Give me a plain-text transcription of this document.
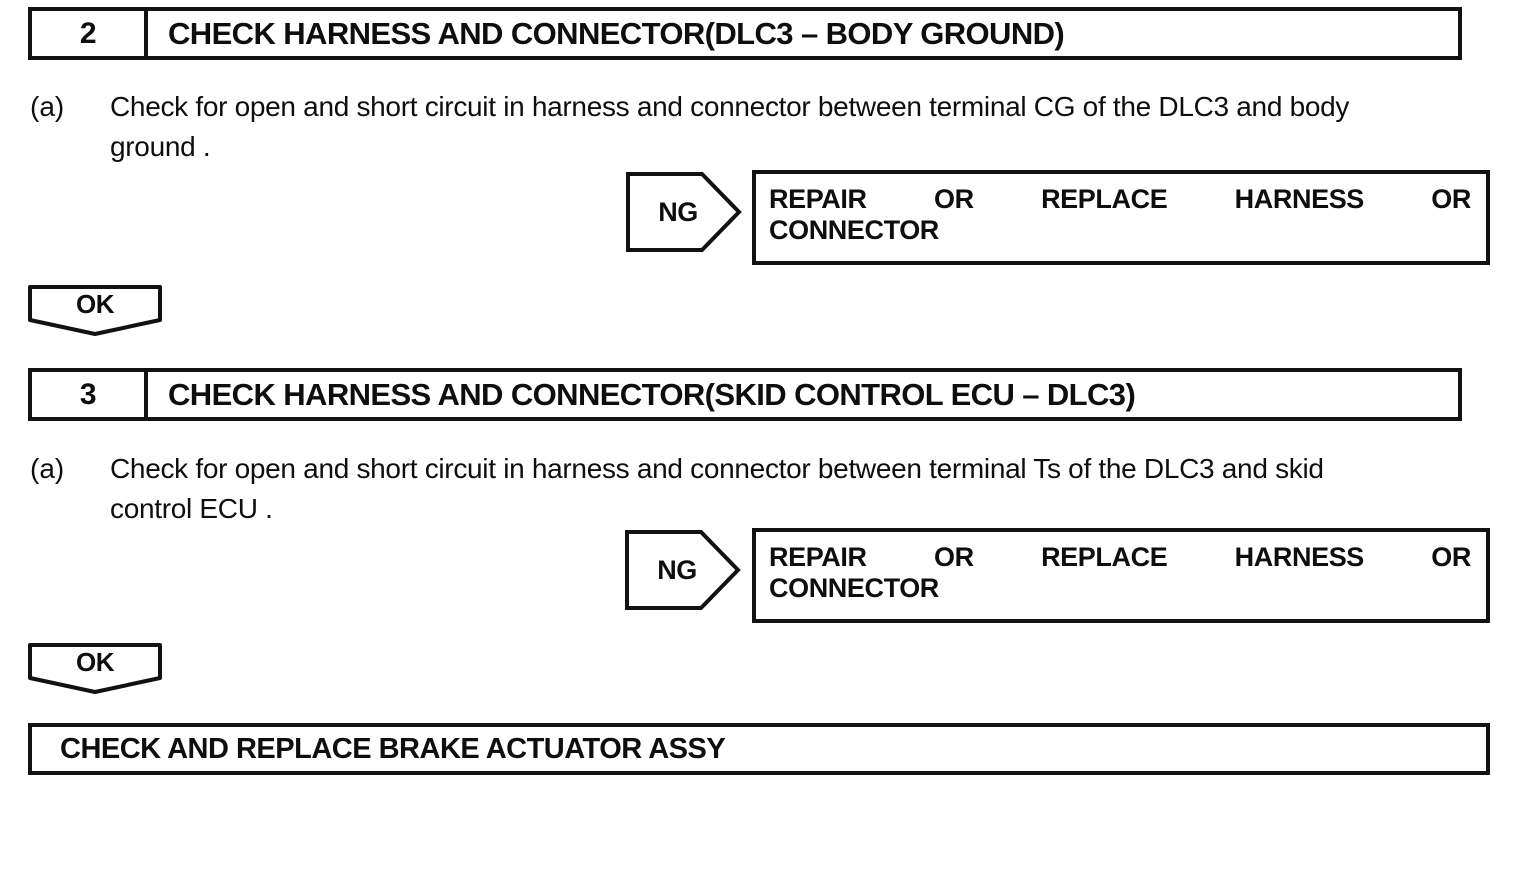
2	CHECK HARNESS AND CONNECTOR(DLC3 – BODY GROUND)
(a) Check for open and short circuit in harness and connector between terminal CG of the DLC3 and body
ground .
NG	REPAIR OR REPLACE HARNESS OR
CONNECTOR
OK
3	CHECK HARNESS AND CONNECTOR(SKID CONTROL ECU – DLC3)
(a) Check for open and short circuit in harness and connector between terminal Ts of the DLC3 and skid
control ECU .
NG	REPAIR OR REPLACE HARNESS OR
CONNECTOR
OK
CHECK AND REPLACE BRAKE ACTUATOR ASSY
